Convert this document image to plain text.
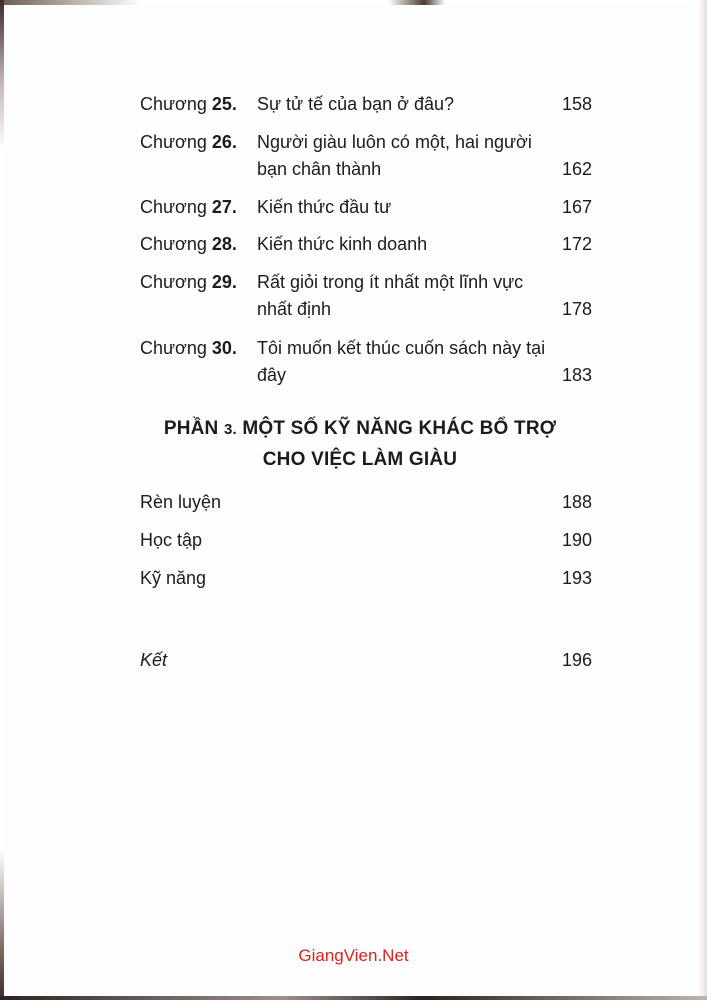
Chương 25. Sự tử tế của bạn ở đâu?	158
Chương 26. Người giàu luôn có một, hai người bạn chân thành	162
Chương 27. Kiến thức đầu tư	167
Chương 28. Kiến thức kinh doanh	172
Chương 29. Rất giỏi trong ít nhất một lĩnh vực nhất định	178
Chương 30. Tôi muốn kết thúc cuốn sách này tại đây	183
PHẦN 3. MỘT SỐ KỸ NĂNG KHÁC BỔ TRỢ
CHO VIỆC LÀM GIÀU
Rèn luyện	188
Học tập	190
Kỹ năng	193
Kết	196
GiangVien.Net
